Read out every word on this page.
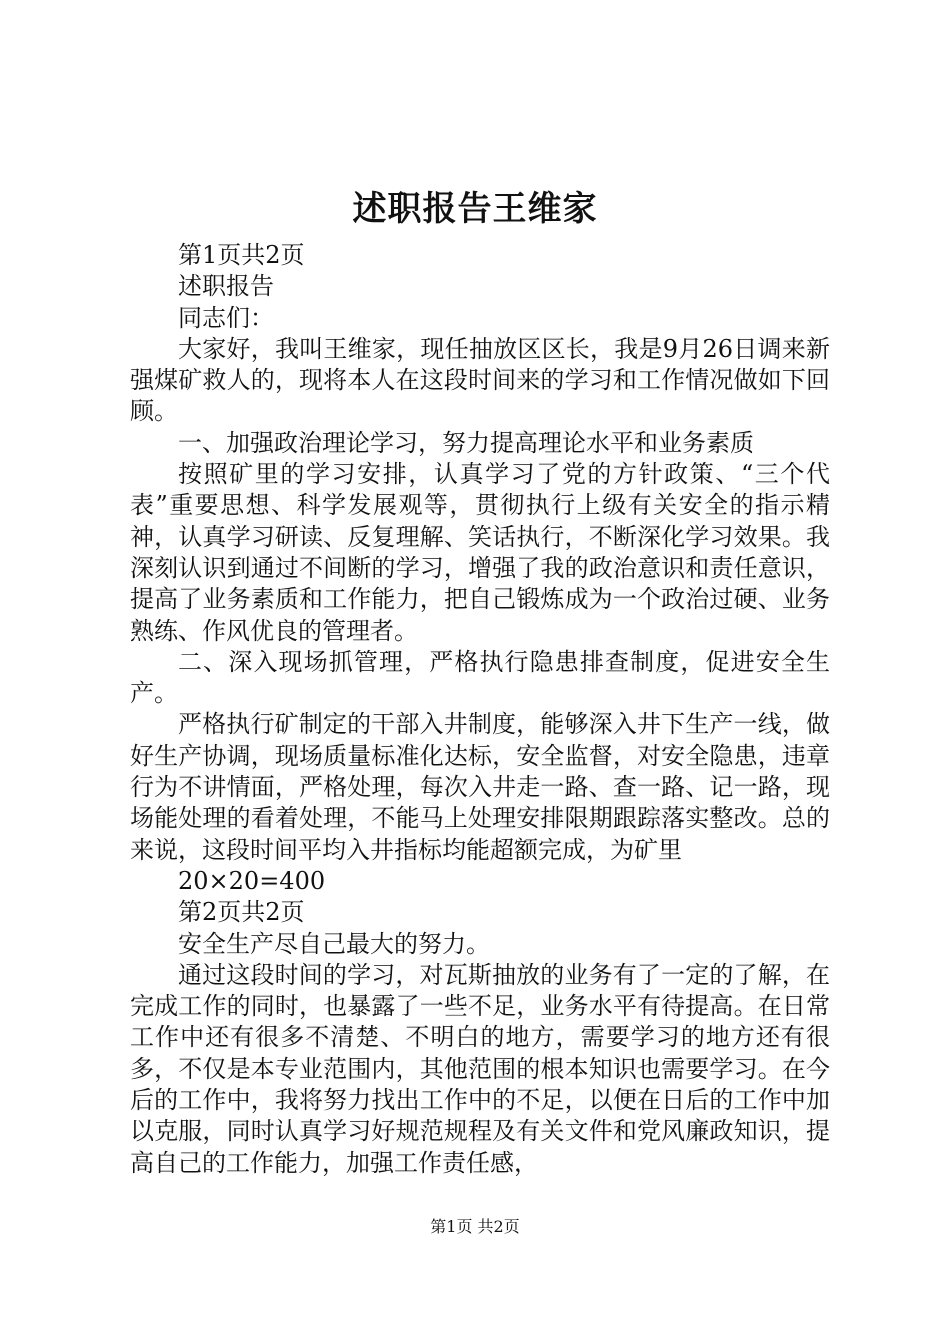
述职报告王维家

第1页共2页

述职报告

同志们：

大家好，我叫王维家，现任抽放区区长，我是9月26日调来新强煤矿救人的，现将本人在这段时间来的学习和工作情况做如下回顾。

一、加强政治理论学习，努力提高理论水平和业务素质

按照矿里的学习安排，认真学习了党的方针政策、“三个代表”重要思想、科学发展观等，贯彻执行上级有关安全的指示精神，认真学习研读、反复理解、笑话执行，不断深化学习效果。我深刻认识到通过不间断的学习，增强了我的政治意识和责任意识，提高了业务素质和工作能力，把自己锻炼成为一个政治过硬、业务熟练、作风优良的管理者。

二、深入现场抓管理，严格执行隐患排查制度，促进安全生产。

严格执行矿制定的干部入井制度，能够深入井下生产一线，做好生产协调，现场质量标准化达标，安全监督，对安全隐患，违章行为不讲情面，严格处理，每次入井走一路、查一路、记一路，现场能处理的看着处理，不能马上处理安排限期跟踪落实整改。总的来说，这段时间平均入井指标均能超额完成，为矿里

20×20=400

第2页共2页

安全生产尽自己最大的努力。

通过这段时间的学习，对瓦斯抽放的业务有了一定的了解，在完成工作的同时，也暴露了一些不足，业务水平有待提高。在日常工作中还有很多不清楚、不明白的地方，需要学习的地方还有很多，不仅是本专业范围内，其他范围的根本知识也需要学习。在今后的工作中，我将努力找出工作中的不足，以便在日后的工作中加以克服，同时认真学习好规范规程及有关文件和党风廉政知识，提高自己的工作能力，加强工作责任感，

第1页 共2页
